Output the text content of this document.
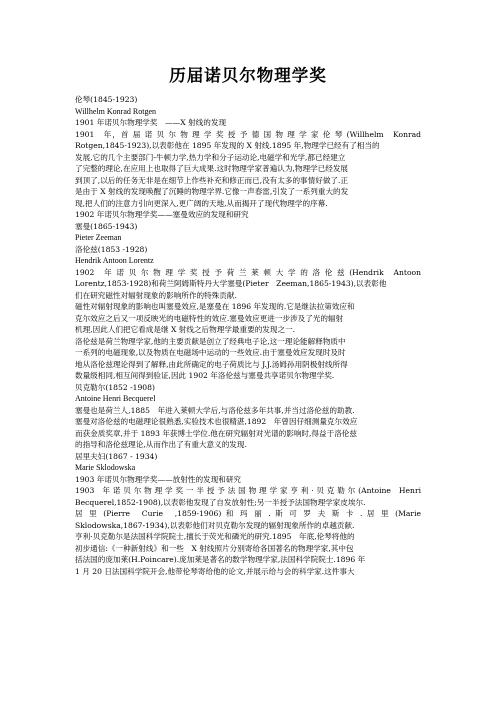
历届诺贝尔物理学奖
伦琴(1845-1923)
Willhelm Konrad Rotgen
1901 年诺贝尔物理学奖　——X 射线的发现
1901　年，首 届 诺 贝 尔 物 理 学 奖 授 予 德 国 物 理 学 家 伦 琴 (Willhelm　Konrad
Rotgen,1845-1923),以表彰他在 1895 年发现的 X 射线.1895 年,物理学已经有了相当的
发展,它的几个主要部门-牛顿力学,热力学和分子运动论,电磁学和光学,都已经建立
了完整的理论,在应用上也取得了巨大成果.这时物理学家普遍认为,物理学已经发展
到顶了,以后的任务无非是在细节上作些补充和修正而已,没有太多的事情好做了.正
是由于 X 射线的发现唤醒了沉睡的物理学界.它像一声春雷,引发了一系列重大的发
现,把人们的注意力引向更深入,更广阔的天地,从而揭开了现代物理学的序幕.
1902 年诺贝尔物理学奖——塞曼效应的发现和研究
塞曼(1865-1943)
Pieter Zeeman
洛伦兹(1853 -1928)
Hendrik Antoon Lorentz
1902　年 诺 贝 尔 物 理 学 奖 授 予 荷 兰 莱 顿 大 学 的 洛 伦 兹 (Hendrik　Antoon
Lorentz,1853-1928)和荷兰阿姆斯特丹大学塞曼(Pieter　Zeeman,1865-1943),以表彰他
们在研究磁性对辐射现象的影响所作的特殊贡献.
磁性对辐射现象的影响也叫塞曼效应,是塞曼在 1896 年发现的.它是继法拉第效应和
克尔效应之后又一项反映光的电磁特性的效应.塞曼效应更进一步涉及了光的辐射
机理,因此人们把它看成是继 X 射线之后物理学最重要的发现之一.
洛伦兹是荷兰物理学家,他的主要贡献是创立了经典电子论,这一理论能解释物质中
一系列的电磁现象,以及物质在电磁场中运动的一些效应.由于塞曼效应发现时及时
地从洛伦兹理论得到了解释,由此所确定的电子荷质比与 J.J.汤姆孙用阴极射线所得
数量级相同,相互间得到验证,因此 1902 年洛伦兹与塞曼共享诺贝尔物理学奖.
贝克勒尔(1852 -1908)
Antoine Henri Becquerel
塞曼也是荷兰人,1885　年进入莱顿大学后,与洛伦兹多年共事,并当过洛伦兹的助教.
塞曼对洛伦兹的电磁理论很熟悉,实验技术也很精湛,1892　年曾因仔细测量克尔效应
而获金质奖章,并于 1893 年获博士学位.他在研究辐射对光谱的影响时,得益于洛伦兹
的指导和洛伦兹理论,从而作出了有重大意义的发现.
居里夫妇(1867 - 1934)
Marie Sklodowska
1903 年诺贝尔物理学奖——放射性的发现和研究
1903　年 诺 贝 尔 物 理 学 奖 一 半 授 予 法 国 物 理 学 家 亨 利 · 贝 克 勒 尔 (Antoine　Henri
Becquerel,1852-1908),以表彰他发现了自发放射性;另一半授予法国物理学家皮埃尔.
居 里 (Pierre　Curie　,1859-1906) 和 玛 丽 . 斯 可 罗 夫 斯 卡 . 居 里 (Marie
Sklodowska,1867-1934),以表彰他们对贝克勒尔发现的辐射现象所作的卓越贡献.
亨利·贝克勒尔是法国科学院院士,擅长于荧光和磷光的研究.1895　年底,伦琴将他的
初步通信:《一种新射线》和一些　X 射线照片分别寄给各国著名的物理学家,其中包
括法国的庞加莱(H.Poincare).庞加莱是著名的数学物理学家,法国科学院院士.1896 年
1 月 20 日法国科学院开会,他带伦琴寄给他的论文,并展示给与会的科学家.这件事大
